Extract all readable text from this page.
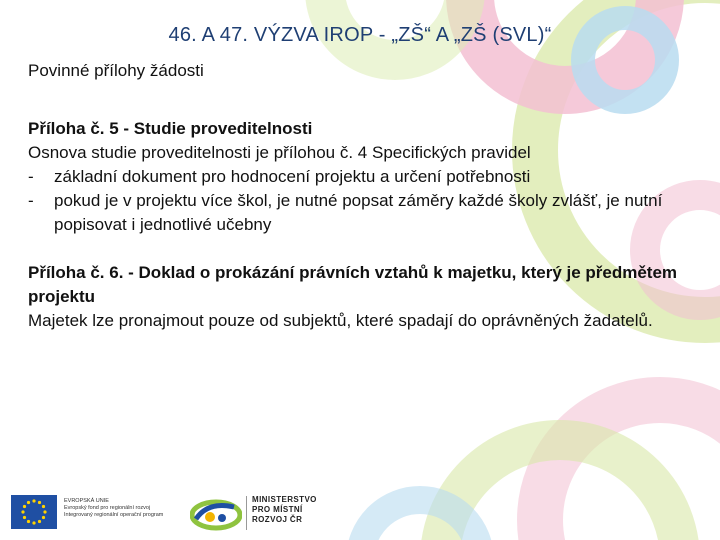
46. A 47. VÝZVA IROP - „ZŠ“ A „ZŠ (SVL)“
Povinné přílohy žádosti

Příloha č. 5 - Studie proveditelnosti

Osnova studie proveditelnosti je přílohou č. 4 Specifických pravidel

-	základní dokument pro hodnocení projektu a určení potřebnosti
-	pokud je v projektu více škol, je nutné popsat záměry každé školy zvlášť, je nutní popisovat i jednotlivé učebny

Příloha č. 6. - Doklad o prokázání právních vztahů k majetku, který je předmětem projektu

Majetek lze pronajmout pouze od subjektů, které spadají do oprávněných žadatelů.

EVROPSKÁ UNIE
Evropský fond pro regionální rozvoj
Integrovaný regionální operační program
MINISTERSTVO
PRO MÍSTNÍ
ROZVOJ ČR
